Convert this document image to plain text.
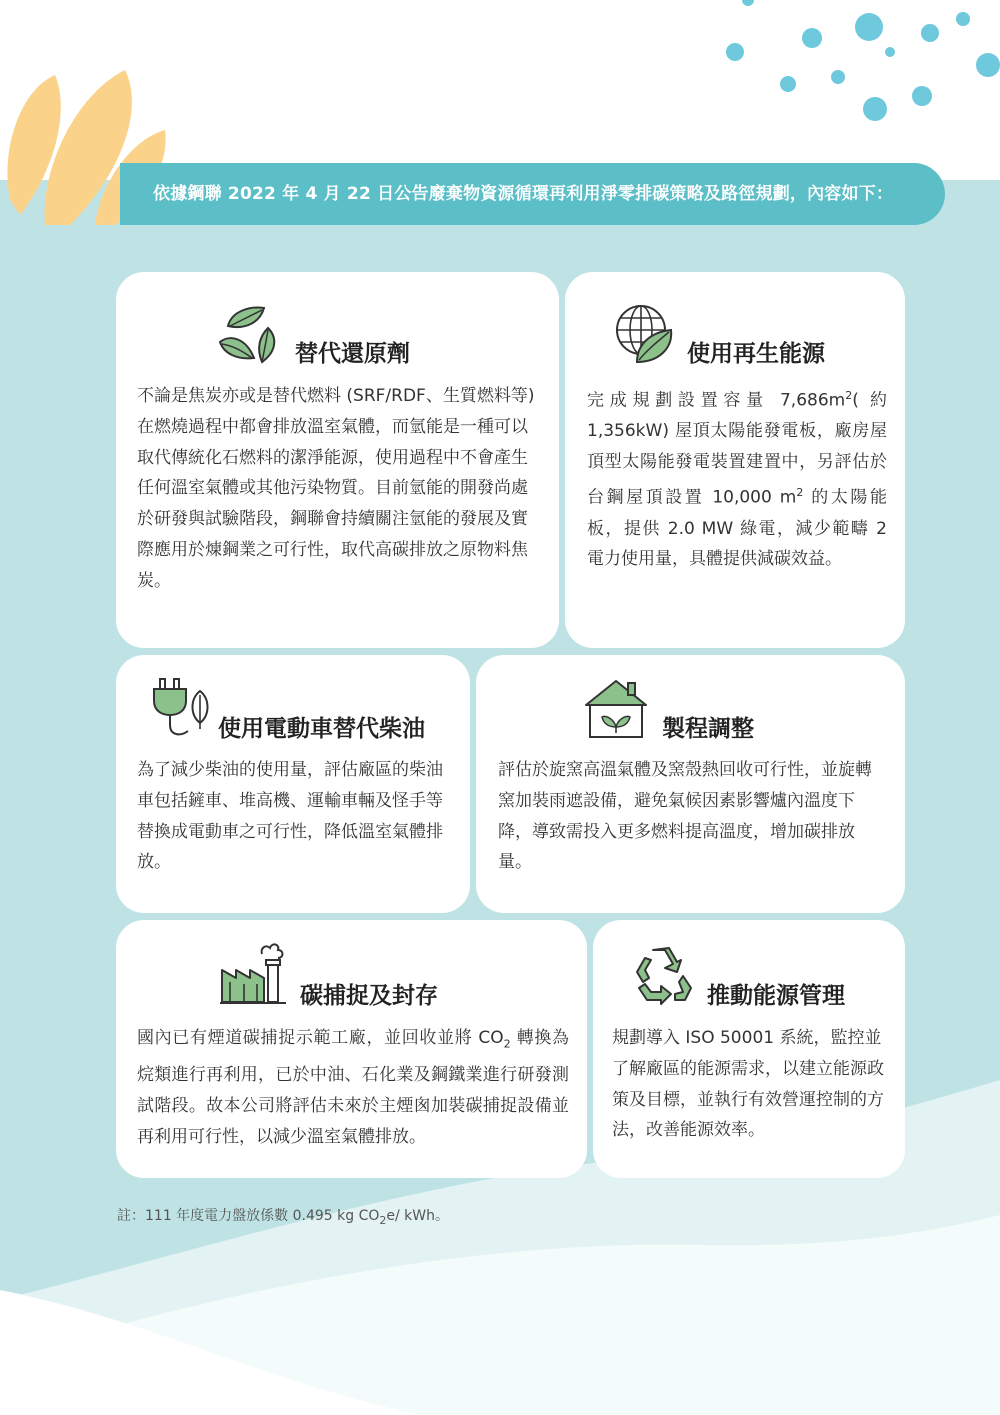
依據鋼聯 2022 年 4 月 22 日公告廢棄物資源循環再利用淨零排碳策略及路徑規劃，內容如下：
替代還原劑

不論是焦炭亦或是替代燃料 (SRF/RDF、生質燃料等) 在燃燒過程中都會排放溫室氣體，而氫能是一種可以取代傳統化石燃料的潔淨能源，使用過程中不會產生任何溫室氣體或其他污染物質。目前氫能的開發尚處於研發與試驗階段，鋼聯會持續關注氫能的發展及實際應用於煉鋼業之可行性，取代高碳排放之原物料焦炭。

使用再生能源

完成規劃設置容量 $7,686m^2$( 約 1,356kW) 屋頂太陽能發電板，廠房屋頂型太陽能發電裝置建置中，另評估於台鋼屋頂設置 10,000 $m^2$ 的太陽能板，提供 2.0 MW 綠電，減少範疇 2 電力使用量，具體提供減碳效益。

使用電動車替代柴油

為了減少柴油的使用量，評估廠區的柴油車包括鏟車、堆高機、運輸車輛及怪手等替換成電動車之可行性，降低溫室氣體排放。

製程調整

評估於旋窯高溫氣體及窯殼熱回收可行性，並旋轉窯加裝雨遮設備，避免氣候因素影響爐內溫度下降，導致需投入更多燃料提高溫度，增加碳排放量。

碳捕捉及封存

國內已有煙道碳捕捉示範工廠，並回收並將 $CO_2$ 轉換為烷類進行再利用，已於中油、石化業及鋼鐵業進行研發測試階段。故本公司將評估未來於主煙囪加裝碳捕捉設備並再利用可行性，以減少溫室氣體排放。

推動能源管理

規劃導入 ISO 50001 系統，監控並了解廠區的能源需求，以建立能源政策及目標，並執行有效營運控制的方法，改善能源效率。

註：111 年度電力盤放係數 0.495 kg $CO_2e/$ kWh。
